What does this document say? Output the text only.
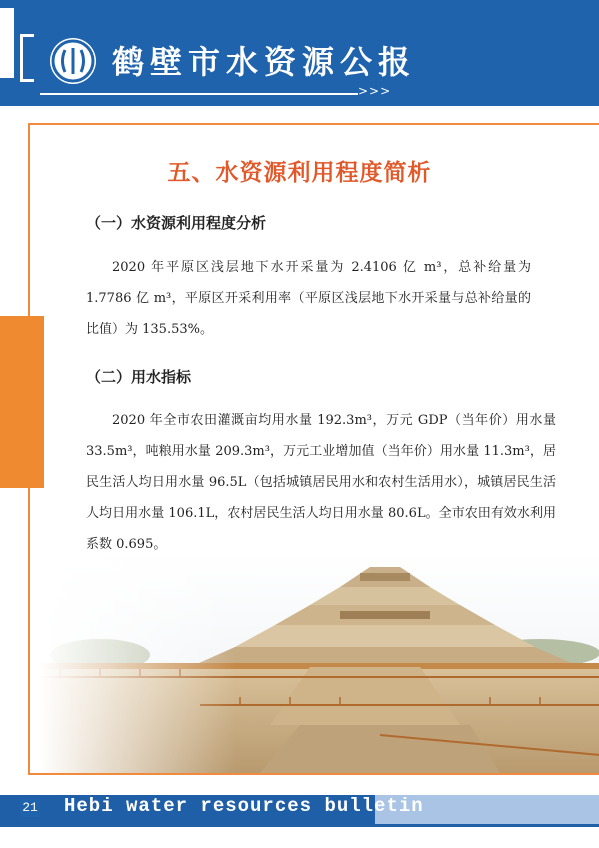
鹤壁市水资源公报
>>>
五、水资源利用程度简析
（一）水资源利用程度分析
2020 年平原区浅层地下水开采量为 2.4106 亿 m³，总补给量为 1.7786 亿 m³，平原区开采利用率（平原区浅层地下水开采量与总补给量的比值）为 135.53%。
（二）用水指标
2020 年全市农田灌溉亩均用水量 192.3m³，万元 GDP（当年价）用水量 33.5m³，吨粮用水量 209.3m³，万元工业增加值（当年价）用水量 11.3m³，居民生活人均日用水量 96.5L（包括城镇居民用水和农村生活用水），城镇居民生活人均日用水量 106.1L，农村居民生活人均日用水量 80.6L。全市农田有效水利用系数 0.695。
21 Hebi water resources bulletin
